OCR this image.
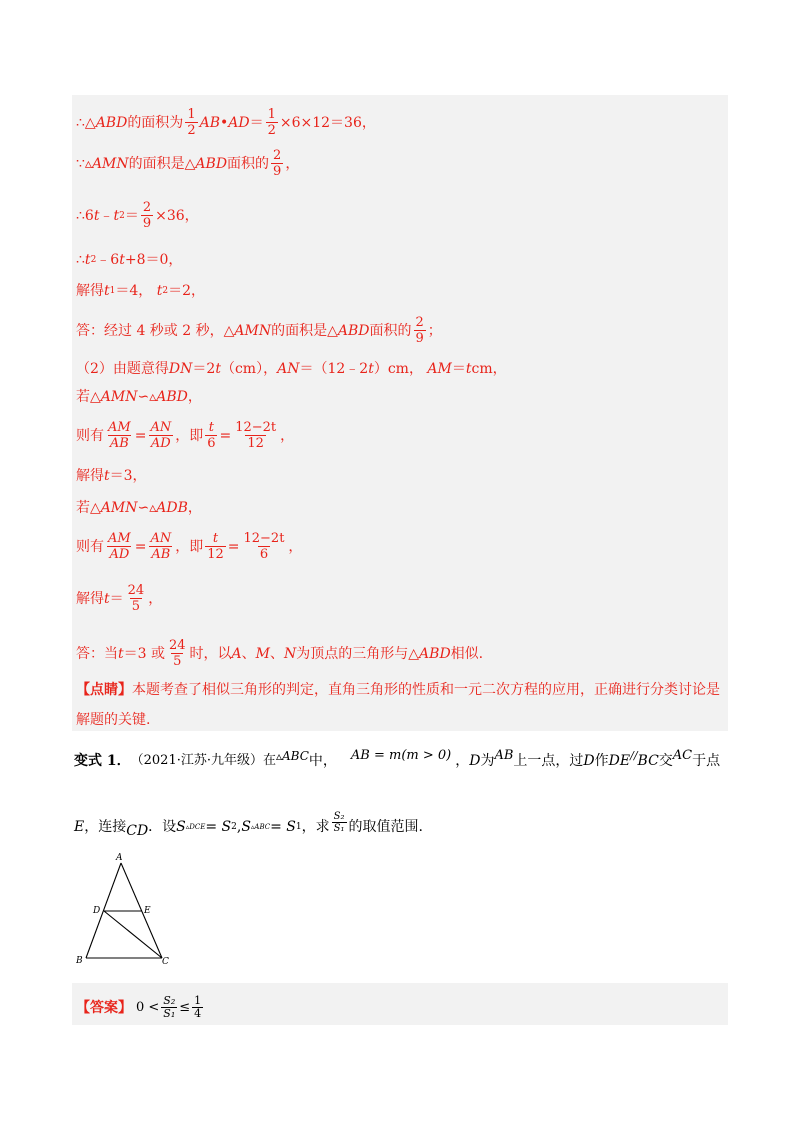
∴△ ABD 的面积为 $\frac{1}{2}$ AB•AD ＝ $\frac{1}{2} \times 6\times 12=36$，
∵▵ AMN 的面积是△ ABD 面积的 $\frac{2}{9}$ ，
∴6 t ﹣ t $2 = \frac{2}{9} \times 36$，
∴ t 2 ﹣6 t +8＝0，
解得 t 1 ＝4，
t 2 ＝2，
答：经过 4 秒或 2 秒，△ AMN 的面积是△ ABD 面积的 $\frac{2}{9}$ ；
（2）由题意得 DN ＝2 t （cm）， AN ＝（12﹣2 t ）cm，
AM ＝ t cm，
若△ AMN ∽▵ ABD ，
则有 $\frac{AM}{AB} = \frac{AN}{AD}$ ，即 $\frac{t}{6} = \frac{12-2t}{12}$ ，
解得 t ＝3，
若△ AMN ∽▵ ADB ，
则有 $\frac{AM}{AD} = \frac{AN}{AB}$ ，即 $\frac{t}{12} = \frac{12-2t}{6}$ ，
解得 $t = \frac{24}{5}$ ，
答：当 t ＝3 或 $\frac{24}{5}$ 时，以 A 、 M 、 N 为顶点的三角形与△ ABD 相似.
【点睛】 本题考查了相似三角形的判定，直角三角形的性质和一元二次方程的应用，正确进行分类讨论是
解题的关键.
变式 1． （2021·江苏·九年级）在 ▵ABC 中， AB = m(m > 0) ， D 为 AB 上一点，过 D 作 DE // BC 交 AC 于点
E ，连接 CD ．设 S ▵DCE = S 2 , S ▵ABC = S 1 ，求 $\frac{\text{S₂}}{\text{S₁}}$ 的取值范围.
A
B	C
D	E
【答案】 $0 < \frac{\text{S₂}}{\text{S₁}} \le \frac{1}{4}$
